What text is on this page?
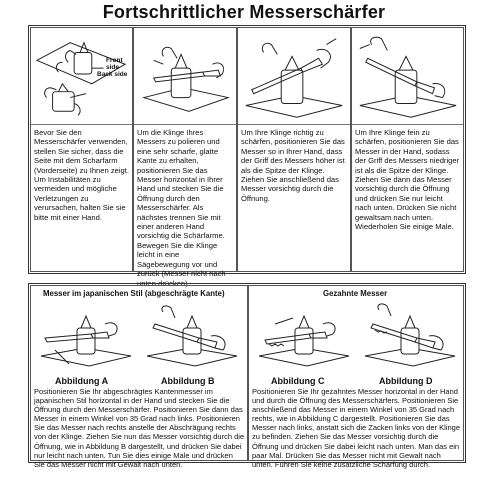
Fortschrittlicher Messerschärfer
Front side
Back side
Bevor Sie den Messerschärfer verwenden, stellen Sie sicher, dass die Seite mit dem Scharfarm (Vorderseite) zu Ihnen zeigt. Um Instabilitäten zu vermeiden und mögliche Verletzungen zu verursachen, halten Sie sie bitte mit einer Hand.
Um die Klinge Ihres Messers zu polieren und eine sehr scharfe, glatte Kante zu erhalten, positionieren Sie das Messer horizontal in Ihrer Hand und stecken Sie die Öffnung durch den Messerschärfer. Als nächstes trennen Sie mit einer anderen Hand vorsichtig die Schärfarme. Bewegen Sie die Klinge leicht in eine Sägebewegung vor und zurück (Messer nicht nach unten drücken).
Um Ihre Klinge richtig zu schärfen, positionieren Sie das Messer so in Ihrer Hand, dass der Griff des Messers höher ist als die Spitze der Klinge. Ziehen Sie anschließend das Messer vorsichtig durch die Öffnung.
Um Ihre Klinge fein zu schärfen, positionieren Sie das Messer in der Hand, sodass der Griff des Messers niedriger ist als die Spitze der Klinge. Ziehen Sie dann das Messer vorsichtig durch die Öffnung und drücken Sie nur leicht nach unten. Drücken Sie nicht gewaltsam nach unten. Wiederholen Sie einige Male.
Messer im japanischen Stil (abgeschrägte Kante)
Abbildung A	Abbildung B
Positionieren Sie Ihr abgeschrägtes Kantenmesser im japanischen Stil horizontal in der Hand und stecken Sie die Öffnung durch den Messerschärfer. Positionieren Sie dann das Messer in einem Winkel von 35 Grad nach links. Positionieren Sie das Messer nach rechts anstelle der Abschrägung rechts von der Klinge. Ziehen Sie nun das Messer vorsichtig durch die Öffnung, wie in Abbildung B dargestellt, und drücken Sie dabei nur leicht nach unten. Tun Sie dies einige Male und drücken Sie das Messer nicht mit Gewalt nach unten.
Gezahnte Messer
Abbildung C	Abbildung D
Positionieren Sie Ihr gezahntes Messer horizontal in der Hand und durch die Öffnung des Messerschärfers. Positionieren Sie anschließend das Messer in einem Winkel von 35 Grad nach rechts, wie in Abbildung C dargestellt. Positionieren Sie das Messer nach links, anstatt sich die Zacken links von der Klinge zu befinden. Ziehen Sie das Messer vorsichtig durch die Öffnung und drücken Sie dabei leicht nach unten. Man das ein paar Mal. Drücken Sie das Messer nicht mit Gewalt nach unten. Führen Sie keine zusätzliche Schärfung durch.
